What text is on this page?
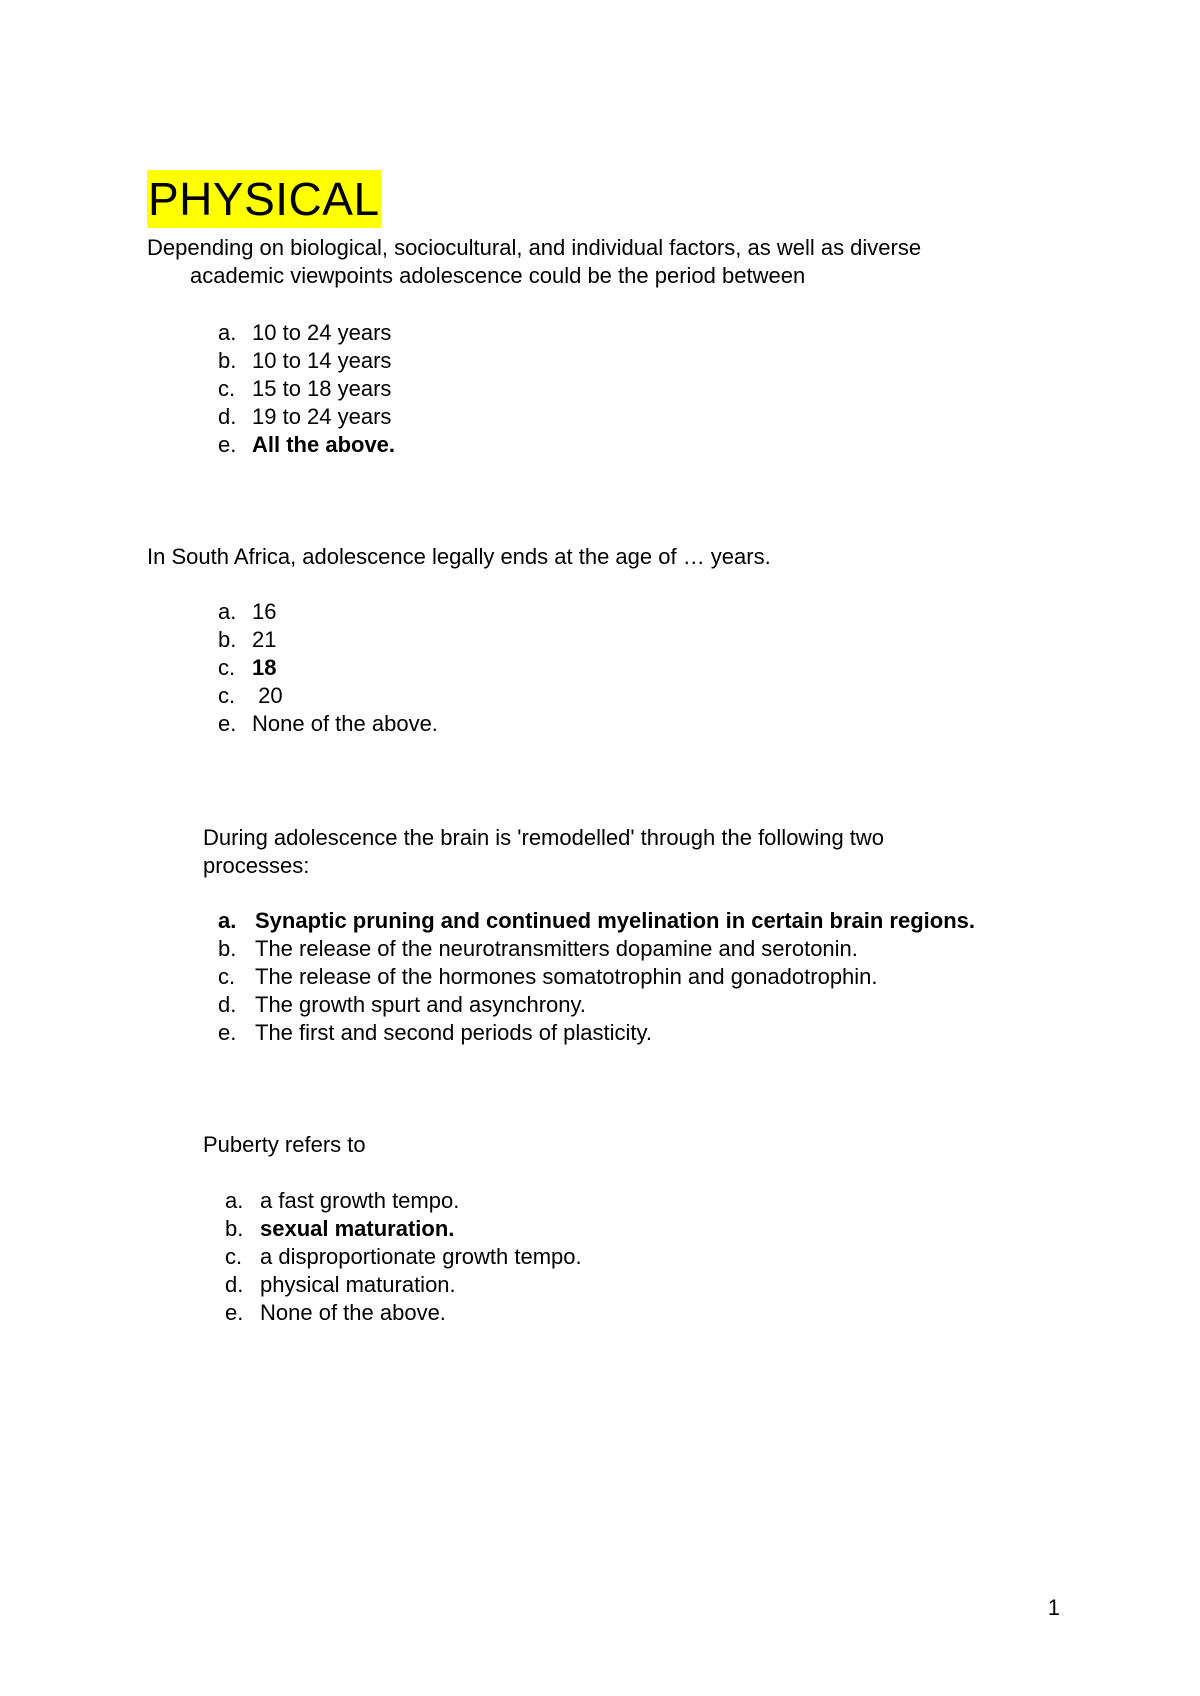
PHYSICAL
Depending on biological, sociocultural, and individual factors, as well as diverse
academic viewpoints adolescence could be the period between
a. 10 to 24 years
b. 10 to 14 years
c. 15 to 18 years
d. 19 to 24 years
e. All the above.
In South Africa, adolescence legally ends at the age of … years.
a. 16
b. 21
c. 18
c. 20
e. None of the above.
During adolescence the brain is 'remodelled' through the following two
processes:
a. Synaptic pruning and continued myelination in certain brain regions.
b. The release of the neurotransmitters dopamine and serotonin.
c. The release of the hormones somatotrophin and gonadotrophin.
d. The growth spurt and asynchrony.
e. The first and second periods of plasticity.
Puberty refers to
a. a fast growth tempo.
b. sexual maturation.
c. a disproportionate growth tempo.
d. physical maturation.
e. None of the above.
1
